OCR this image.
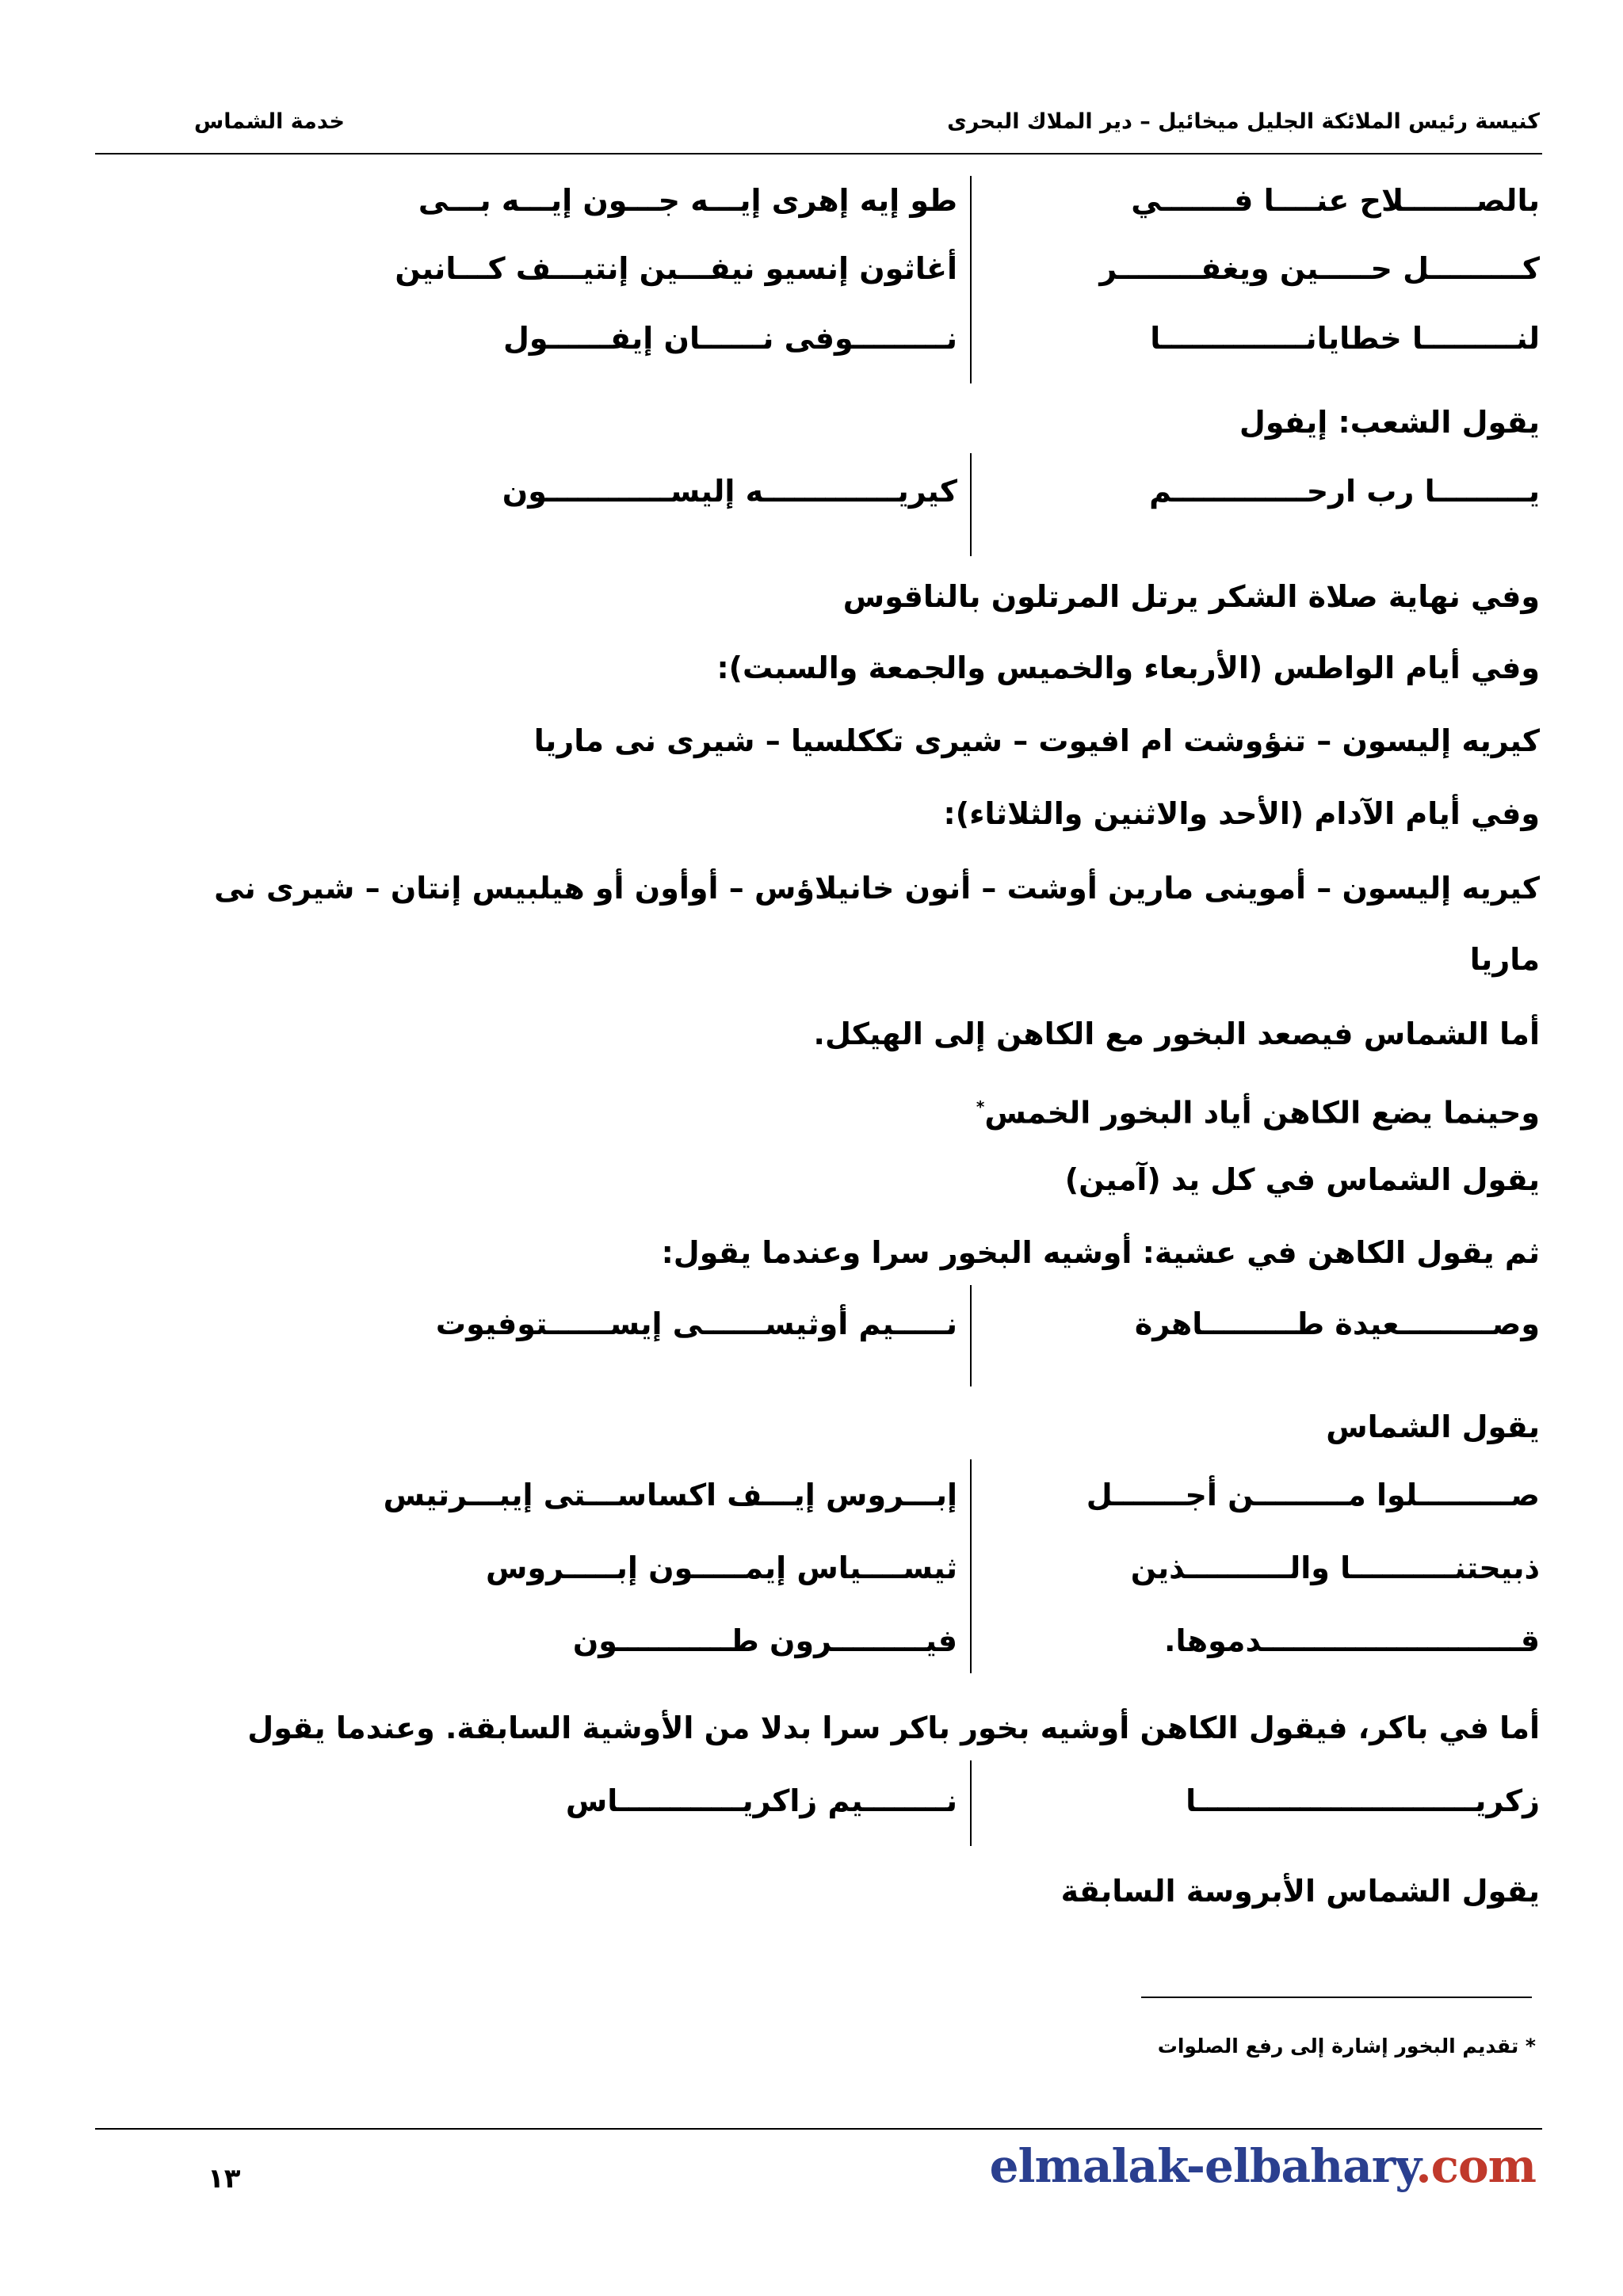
كنيسة رئيس الملائكة الجليل ميخائيل – دير الملاك البحرى
خدمة الشماس
بالصـــــــلاح عنــــا فـــــــي
طو إيه إهرى إيـــه جـــون إيـــه بـــى
كـــــــــل حـــــين ويغفــــــــر
أغاثون إنسيو نيفـــين إنتيـــف كـــانين
لنـــــــــا خطايانــــــــــــــا
نـــــــــوفى نــــــان إيفــــــول
يقول الشعب: إيفول
يـــــــــا رب ارحـــــــــــــم
كيريـــــــــــــه إليســــــــــــون
وفي نهاية صلاة الشكر يرتل المرتلون بالناقوس
وفي أيام الواطس (الأربعاء والخميس والجمعة والسبت):
كيريه إليسون – تنؤوشت ام افيوت – شيرى تككلسيا – شيرى نى ماريا
وفي أيام الآدام (الأحد والاثنين والثلاثاء):
كيريه إليسون – أموينى مارين أوشت – أنون خانيلاؤس – أوأون أو هيلبيس إنتان – شيرى نى
ماريا
أما الشماس فيصعد البخور مع الكاهن إلى الهيكل.
وحينما يضع الكاهن أياد البخور الخمس*
يقول الشماس في كل يد (آمين)
ثم يقول الكاهن في عشية: أوشيه البخور سرا وعندما يقول:
وصـــــــــعيدة طـــــــــاهرة
نـــــيم أوثيســــــى إيســــــتوفيوت
يقول الشماس
صـــــــــلوا مـــــــــن أجـــــــل
إبـــروس إيـــف اكساســـتى إيبـــرتيس
ذبيحتنــــــــــا والــــــــــذين
ثيســــياس إيمـــــون إبـــــروس
قـــــــــــــــــــــــــدموها.
فيـــــــــرون طـــــــــــون
أما في باكر، فيقول الكاهن أوشيه بخور باكر سرا بدلا من الأوشية السابقة. وعندما يقول
زكريـــــــــــــــــــــــــــا
نــــــــيم زاكريــــــــــــاس
يقول الشماس الأبروسة السابقة
* تقديم البخور إشارة إلى رفع الصلوات
١٣	elmalak-elbahary.com
